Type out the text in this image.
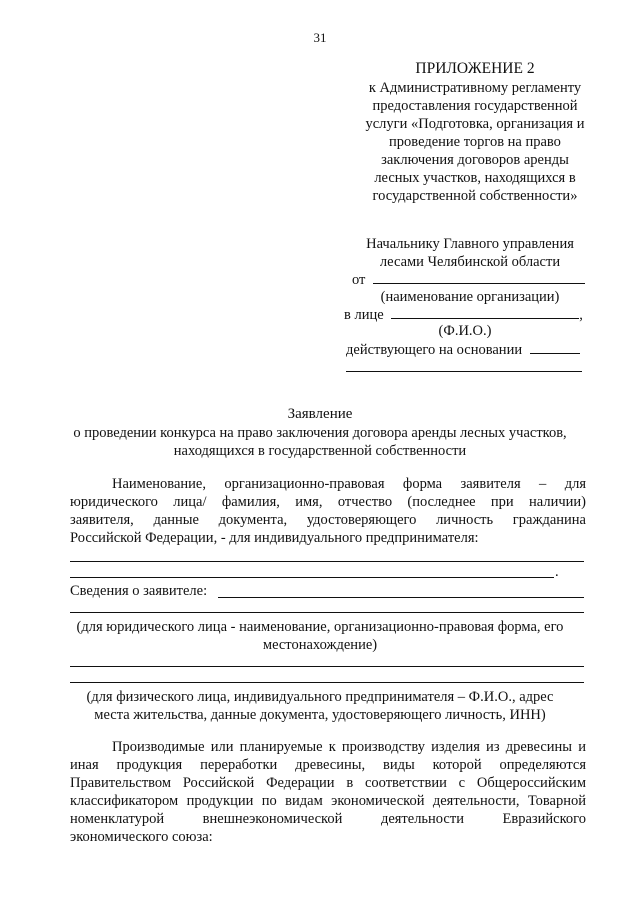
31
ПРИЛОЖЕНИЕ 2
к Административному регламенту
предоставления государственной
услуги «Подготовка, организация и
проведение торгов на право
заключения договоров аренды
лесных участков, находящихся в
государственной собственности»
Начальнику Главного управления
лесами Челябинской области
от
(наименование организации)
в лице	,
(Ф.И.О.)
действующего на основании
Заявление
о проведении конкурса на право заключения договора аренды лесных участков,
находящихся в государственной собственности
Наименование, организационно-правовая форма заявителя – для
юридического лица/ фамилия, имя, отчество (последнее при наличии)
заявителя, данные документа, удостоверяющего личность гражданина
Российской Федерации, - для индивидуального предпринимателя:
.
Сведения о заявителе:
(для юридического лица - наименование, организационно-правовая форма, его
местонахождение)
(для физического лица, индивидуального предпринимателя – Ф.И.О., адрес
места жительства, данные документа, удостоверяющего личность, ИНН)
Производимые или планируемые к производству изделия из древесины и
иная продукция переработки древесины, виды которой определяются
Правительством Российской Федерации в соответствии с Общероссийским
классификатором продукции по видам экономической деятельности, Товарной
номенклатурой внешнеэкономической деятельности Евразийского
экономического союза:
